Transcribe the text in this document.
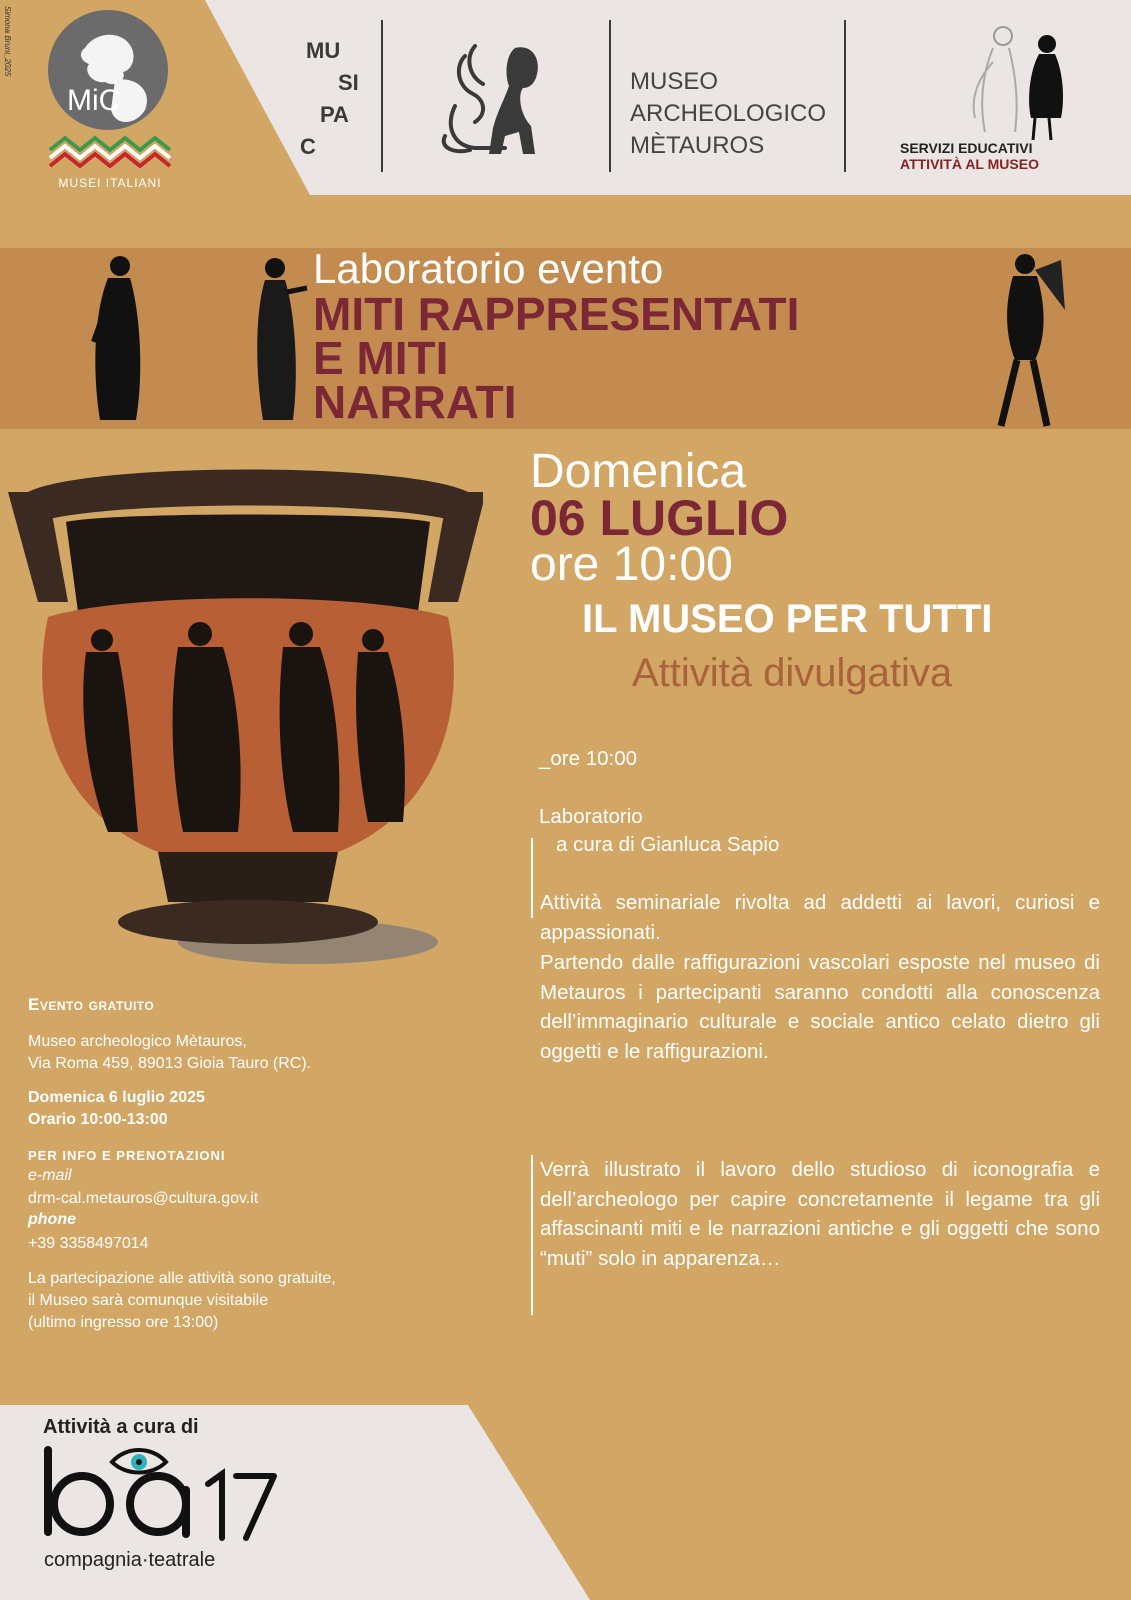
Simona Bruni_2025
MiC
MUSEI ITALIANI
MU
SI
PA
C
MUSEO
ARCHEOLOGICO
MÈTAUROS	SERVIZI EDUCATIVI
ATTIVITÀ AL MUSEO
Laboratorio evento
MITI RAPPRESENTATI
E MITI
NARRATI
Domenica
06 LUGLIO
ore 10:00
IL MUSEO PER TUTTI
Attività divulgativa
_ore 10:00
Laboratorio
a cura di Gianluca Sapio
Attività seminariale rivolta ad addetti ai lavori, curiosi e appassionati.
Partendo dalle raffigurazioni vascolari esposte nel museo di Metauros i partecipanti saranno condotti alla conoscenza dell’immaginario culturale e sociale antico celato dietro gli oggetti e le raffigurazioni.
Verrà illustrato il lavoro dello studioso di iconografia e dell’archeologo per capire concretamente il legame tra gli affascinanti miti e le narrazioni antiche e gli oggetti che sono “muti” solo in apparenza…
Evento gratuito
Museo archeologico Mètauros,
Via Roma 459, 89013 Gioia Tauro (RC).
Domenica 6 luglio 2025
Orario 10:00-13:00
PER INFO E PRENOTAZIONI
e-mail
drm-cal.metauros@cultura.gov.it
phone
+39 3358497014
La partecipazione alle attività sono gratuite,
il Museo sarà comunque visitabile
(ultimo ingresso ore 13:00)
Attività a cura di
ba17
compagnia·teatrale
